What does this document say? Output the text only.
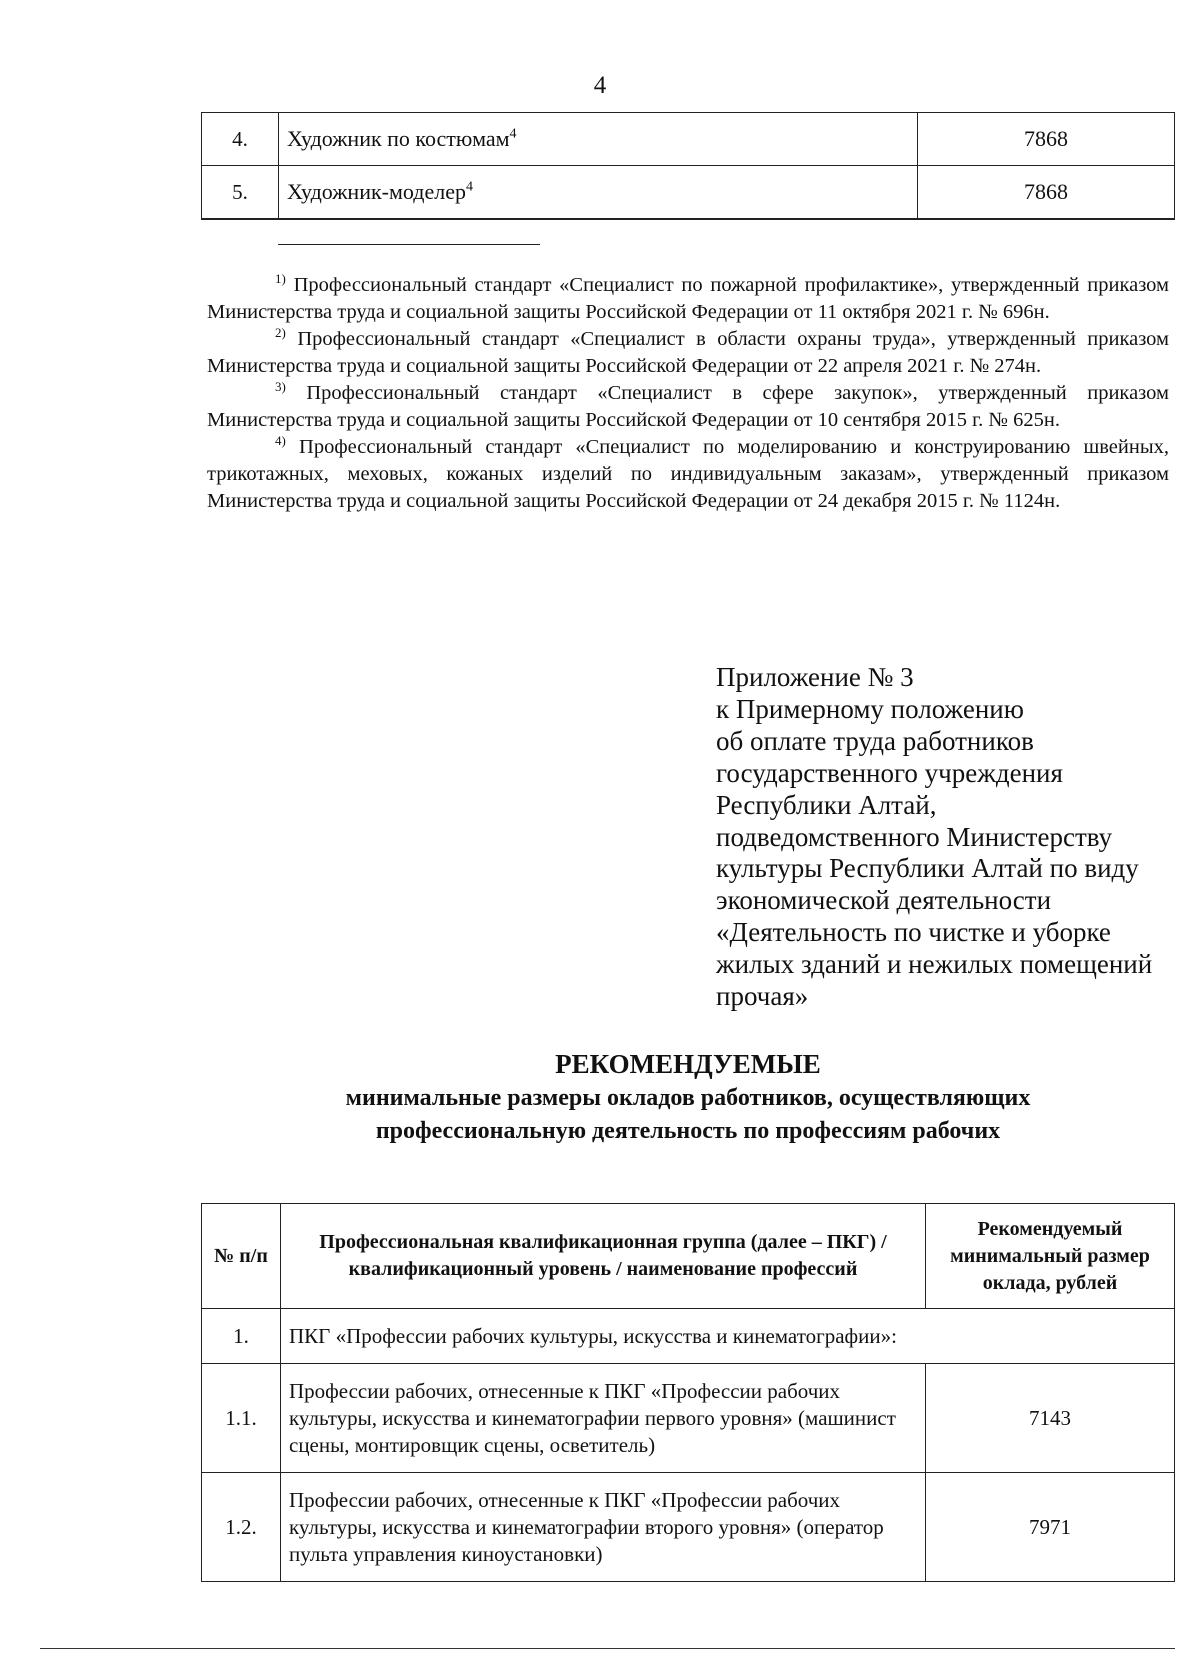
4
4.	Художник по костюмам$^4$	7868
5.	Художник-моделер$^4$	7868

$^{1)}$ Профессиональный стандарт «Специалист по пожарной профилактике», утвержденный приказом Министерства труда и социальной защиты Российской Федерации от 11 октября 2021 г. № 696н.

$^{2)}$ Профессиональный стандарт «Специалист в области охраны труда», утвержденный приказом Министерства труда и социальной защиты Российской Федерации от 22 апреля 2021 г. № 274н.

$^{3)}$ Профессиональный стандарт «Специалист в сфере закупок», утвержденный приказом Министерства труда и социальной защиты Российской Федерации от 10 сентября 2015 г. № 625н.

$^{4)}$ Профессиональный стандарт «Специалист по моделированию и конструированию швейных, трикотажных, меховых, кожаных изделий по индивидуальным заказам», утвержденный приказом Министерства труда и социальной защиты Российской Федерации от 24 декабря 2015 г. № 1124н.

Приложение № 3
к Примерному положению
об оплате труда работников
государственного учреждения
Республики Алтай,
подведомственного Министерству
культуры Республики Алтай по виду
экономической деятельности
«Деятельность по чистке и уборке
жилых зданий и нежилых помещений
прочая»
РЕКОМЕНДУЕМЫЕ
минимальные размеры окладов работников, осуществляющих
профессиональную деятельность по профессиям рабочих
№ п/п	Профессиональная квалификационная группа (далее – ПКГ) / квалификационный уровень / наименование профессий	Рекомендуемый минимальный размер оклада, рублей
1.	ПКГ «Профессии рабочих культуры, искусства и кинематографии»:	
1.1.	Профессии рабочих, отнесенные к ПКГ «Профессии рабочих культуры, искусства и кинематографии первого уровня» (машинист сцены, монтировщик сцены, осветитель)	7143
1.2.	Профессии рабочих, отнесенные к ПКГ «Профессии рабочих культуры, искусства и кинематографии второго уровня» (оператор пульта управления киноустановки)	7971
